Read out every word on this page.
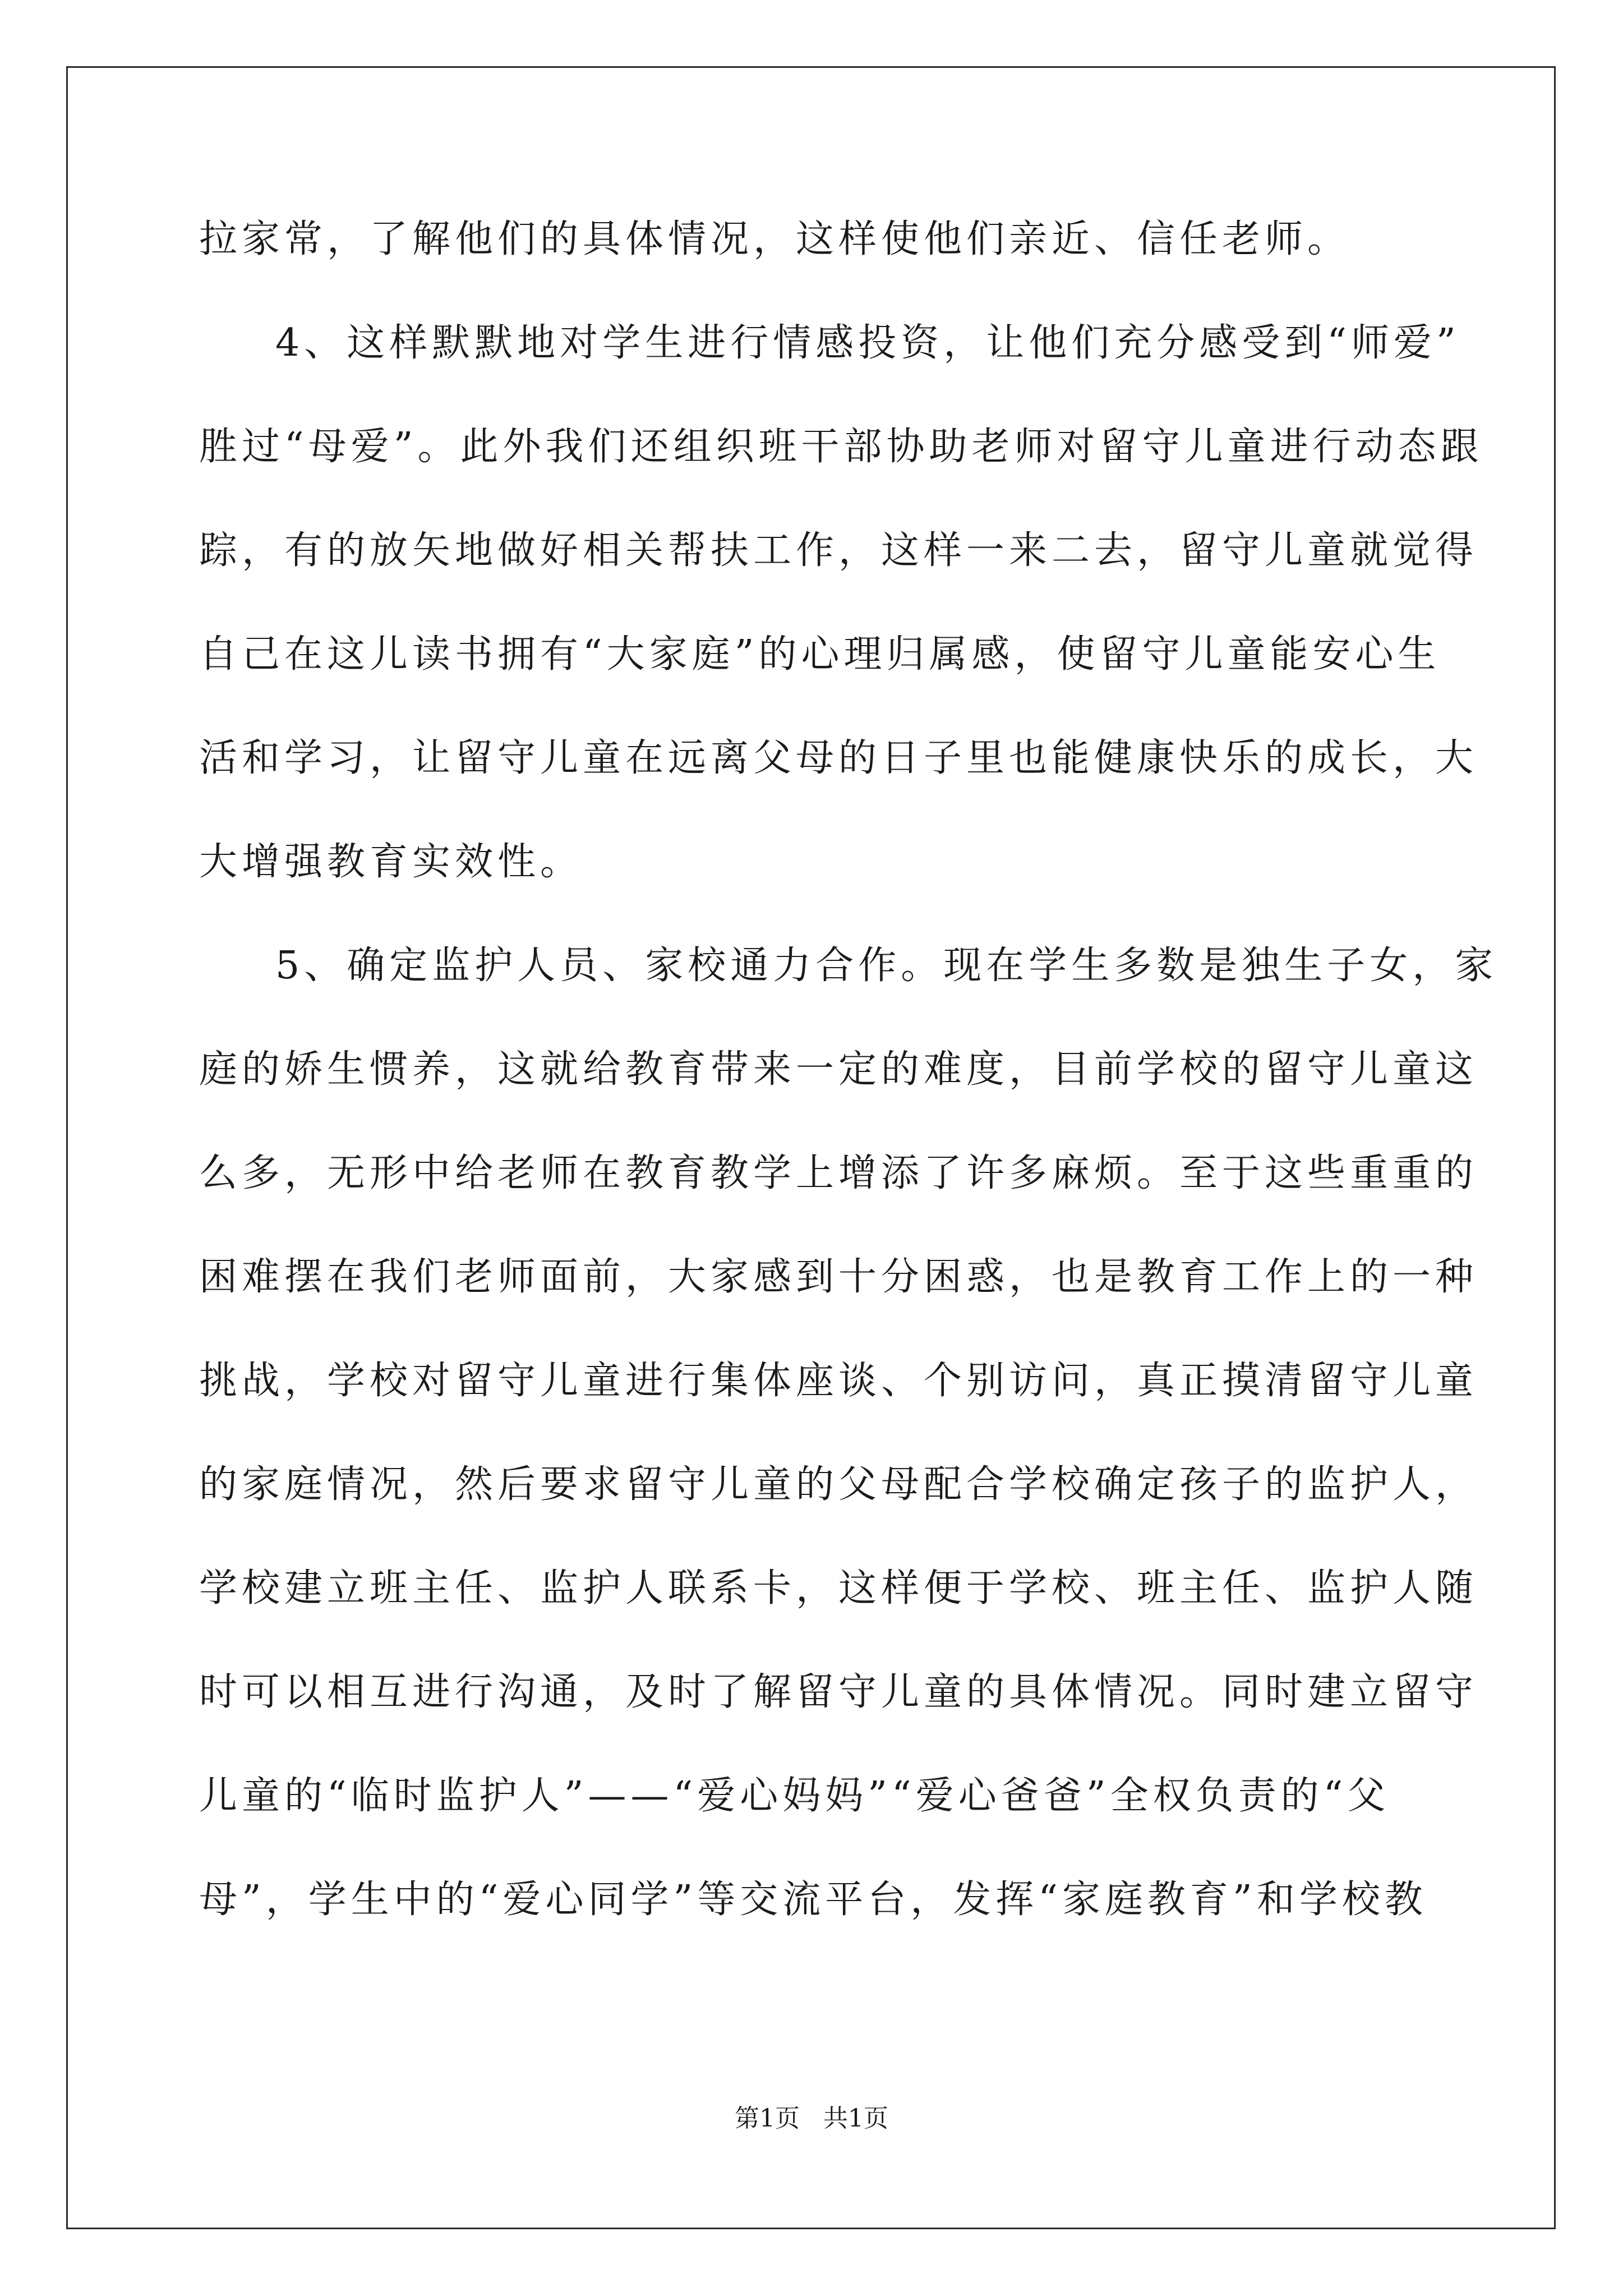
拉家常，了解他们的具体情况，这样使他们亲近、信任老师。
4、这样默默地对学生进行情感投资，让他们充分感受到“师爱”
胜过“母爱”。此外我们还组织班干部协助老师对留守儿童进行动态跟
踪，有的放矢地做好相关帮扶工作，这样一来二去，留守儿童就觉得
自己在这儿读书拥有“大家庭”的心理归属感，使留守儿童能安心生
活和学习，让留守儿童在远离父母的日子里也能健康快乐的成长，大
大增强教育实效性。
5、确定监护人员、家校通力合作。现在学生多数是独生子女，家
庭的娇生惯养，这就给教育带来一定的难度，目前学校的留守儿童这
么多，无形中给老师在教育教学上增添了许多麻烦。至于这些重重的
困难摆在我们老师面前，大家感到十分困惑，也是教育工作上的一种
挑战，学校对留守儿童进行集体座谈、个别访问，真正摸清留守儿童
的家庭情况，然后要求留守儿童的父母配合学校确定孩子的监护人，
学校建立班主任、监护人联系卡，这样便于学校、班主任、监护人随
时可以相互进行沟通，及时了解留守儿童的具体情况。同时建立留守
儿童的“临时监护人”——“爱心妈妈”“爱心爸爸”全权负责的“父
母”，学生中的“爱心同学”等交流平台，发挥“家庭教育”和学校教
第1页 共1页
